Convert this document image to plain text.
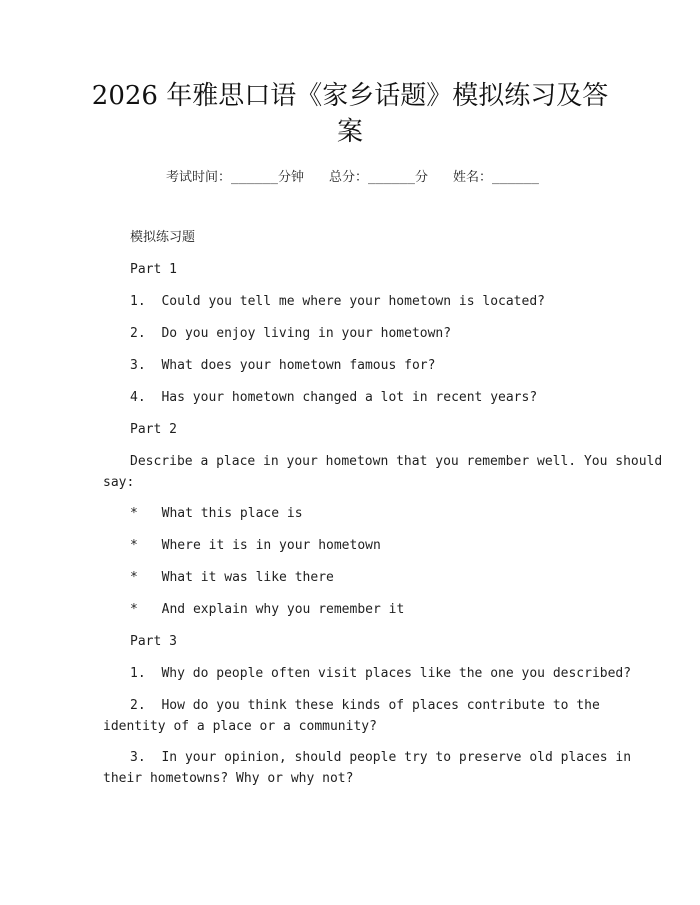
2026 年雅思口语《家乡话题》模拟练习及答
案
考试时间：______分钟 总分：______分 姓名：______
模拟练习题
Part 1
1. Could you tell me where your hometown is located?
2. Do you enjoy living in your hometown?
3. What does your hometown famous for?
4. Has your hometown changed a lot in recent years?
Part 2
Describe a place in your hometown that you remember well. You should
say:
* What this place is
* Where it is in your hometown
* What it was like there
* And explain why you remember it
Part 3
1. Why do people often visit places like the one you described?
2. How do you think these kinds of places contribute to the
identity of a place or a community?
3. In your opinion, should people try to preserve old places in
their hometowns? Why or why not?
